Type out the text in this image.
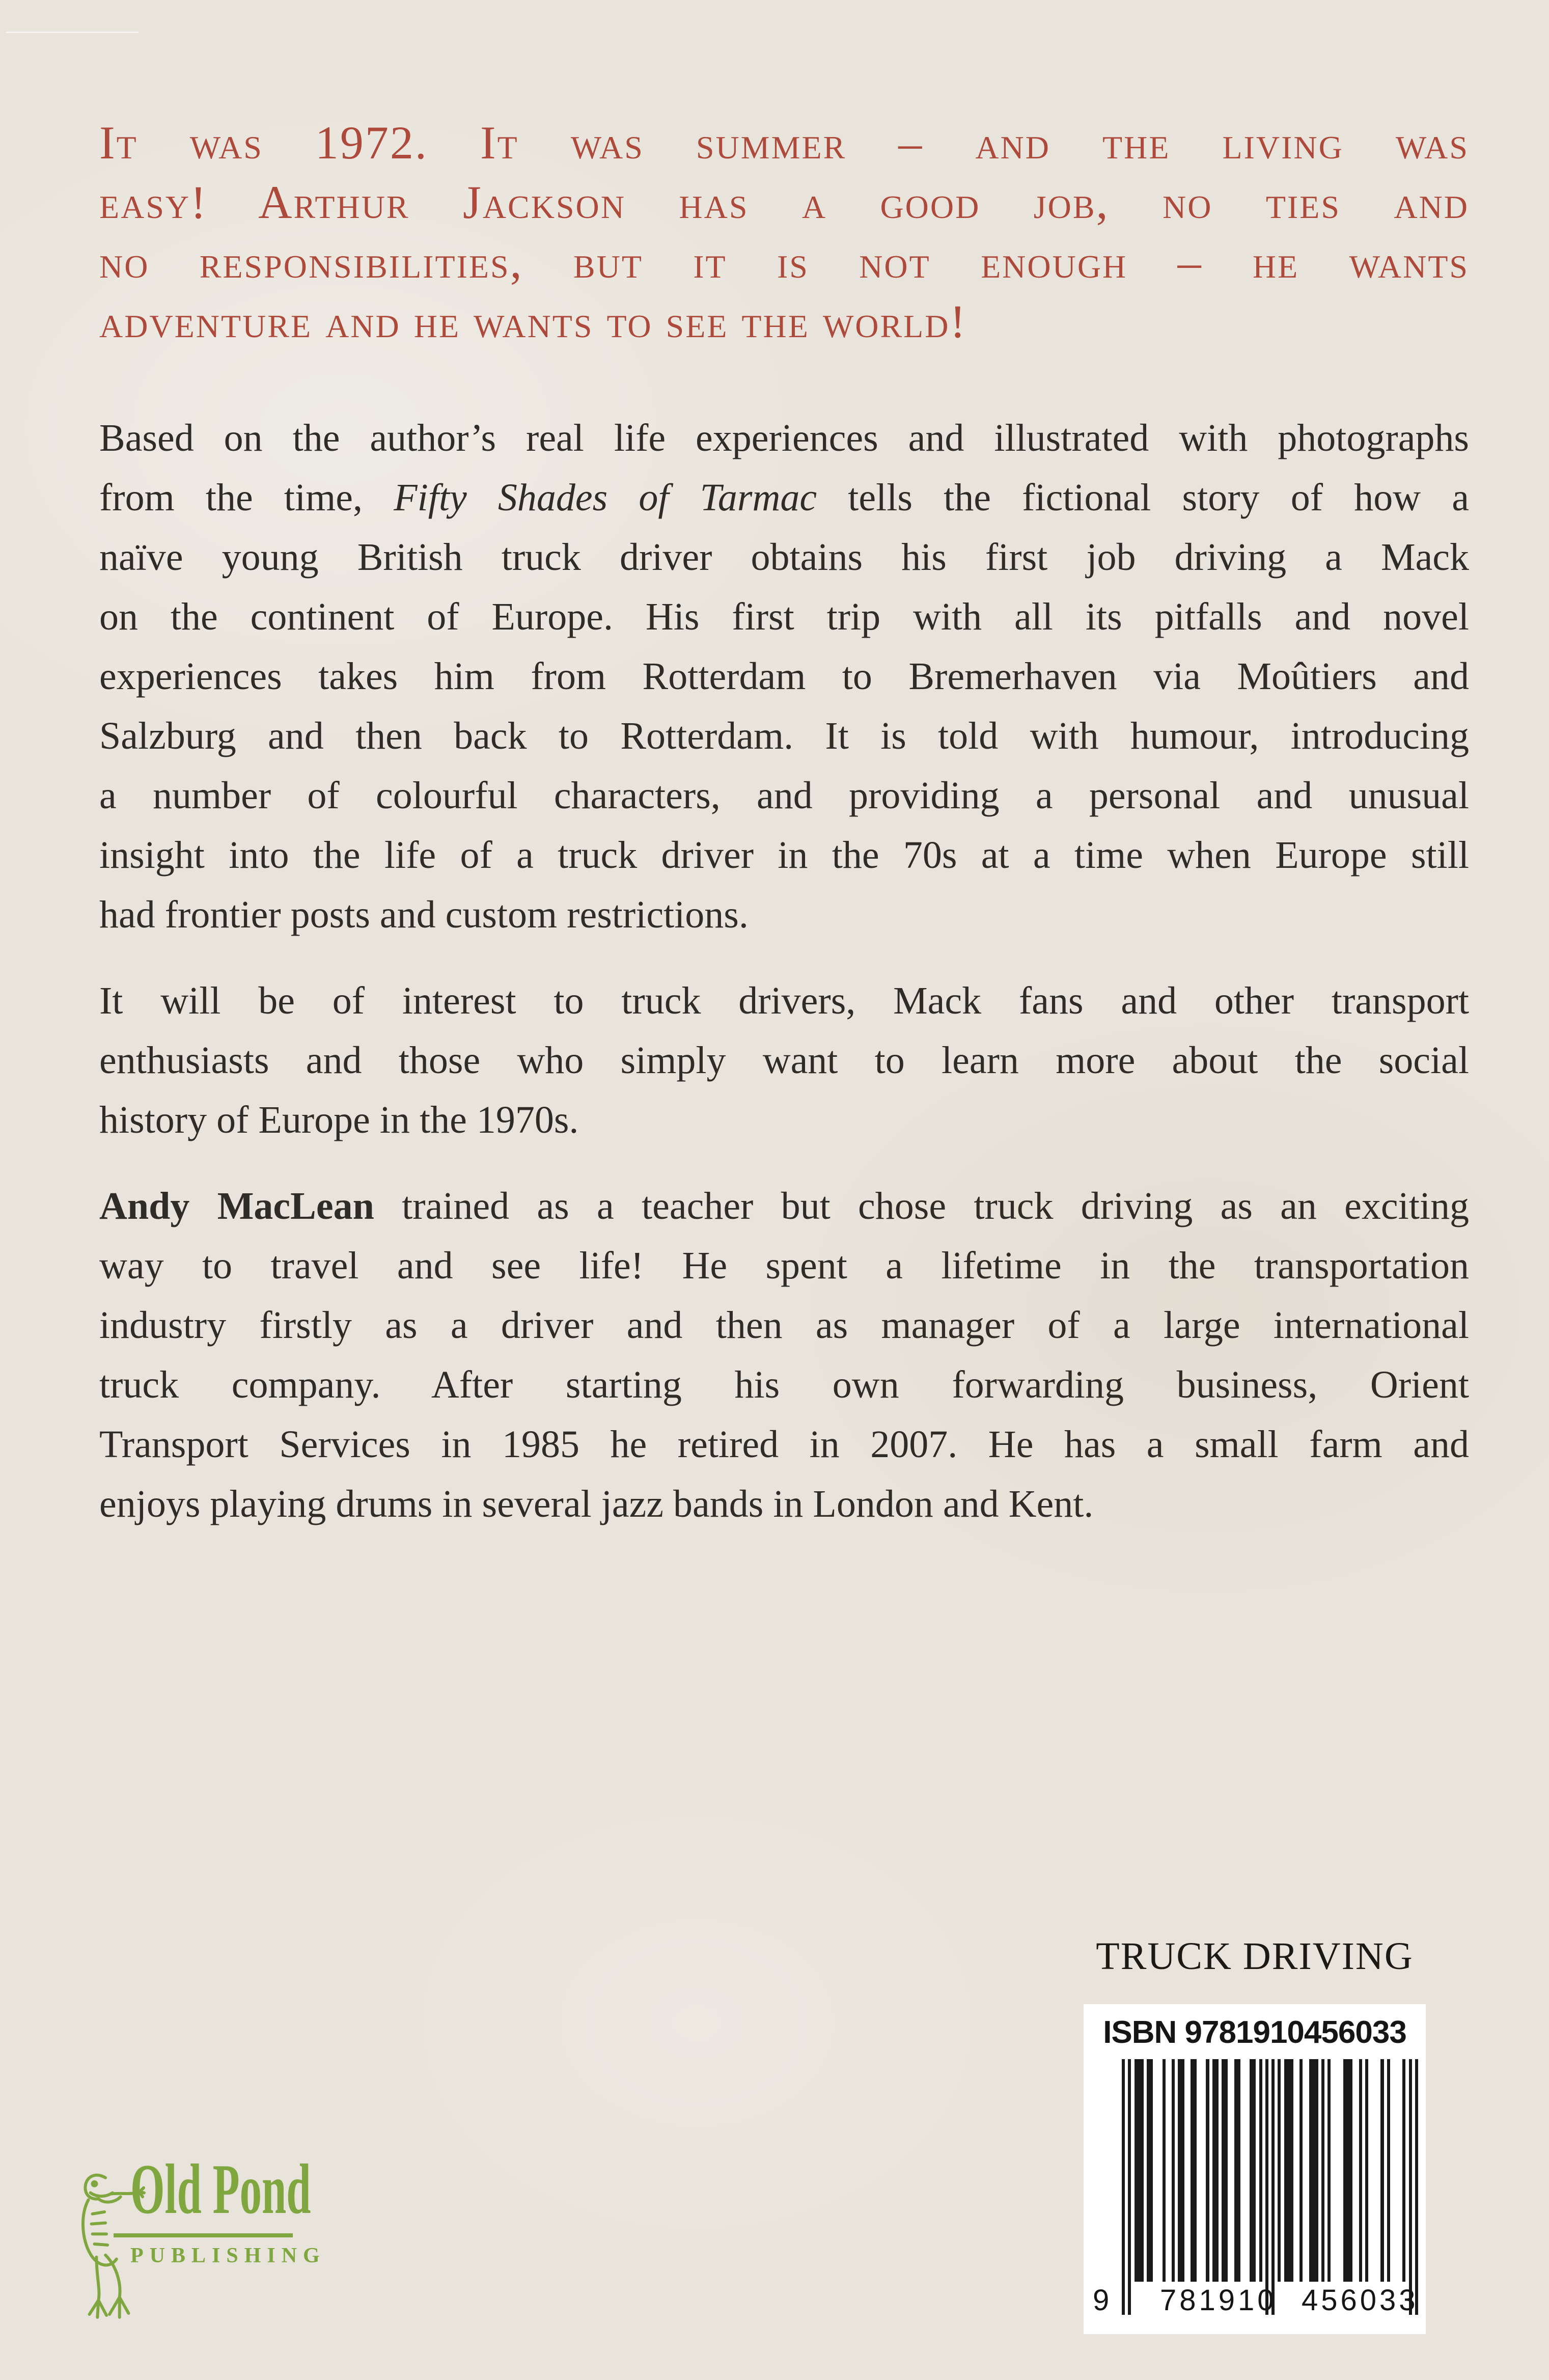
It was 1972. It was summer – and the living was
easy! Arthur Jackson has a good job, no ties and
no responsibilities, but it is not enough – he wants
adventure and he wants to see the world!
Based on the author’s real life experiences and illustrated with photographs
from the time, Fifty Shades of Tarmac tells the fictional story of how a
naïve young British truck driver obtains his first job driving a Mack
on the continent of Europe. His first trip with all its pitfalls and novel
experiences takes him from Rotterdam to Bremerhaven via Moûtiers and
Salzburg and then back to Rotterdam. It is told with humour, introducing
a number of colourful characters, and providing a personal and unusual
insight into the life of a truck driver in the 70s at a time when Europe still
had frontier posts and custom restrictions.
It will be of interest to truck drivers, Mack fans and other transport
enthusiasts and those who simply want to learn more about the social
history of Europe in the 1970s.
Andy MacLean trained as a teacher but chose truck driving as an exciting
way to travel and see life! He spent a lifetime in the transportation
industry firstly as a driver and then as manager of a large international
truck company. After starting his own forwarding business, Orient
Transport Services in 1985 he retired in 2007. He has a small farm and
enjoys playing drums in several jazz bands in London and Kent.
TRUCK DRIVING
ISBN 9781910456033
9 781910 456033
Old Pond
PUBLISHING
